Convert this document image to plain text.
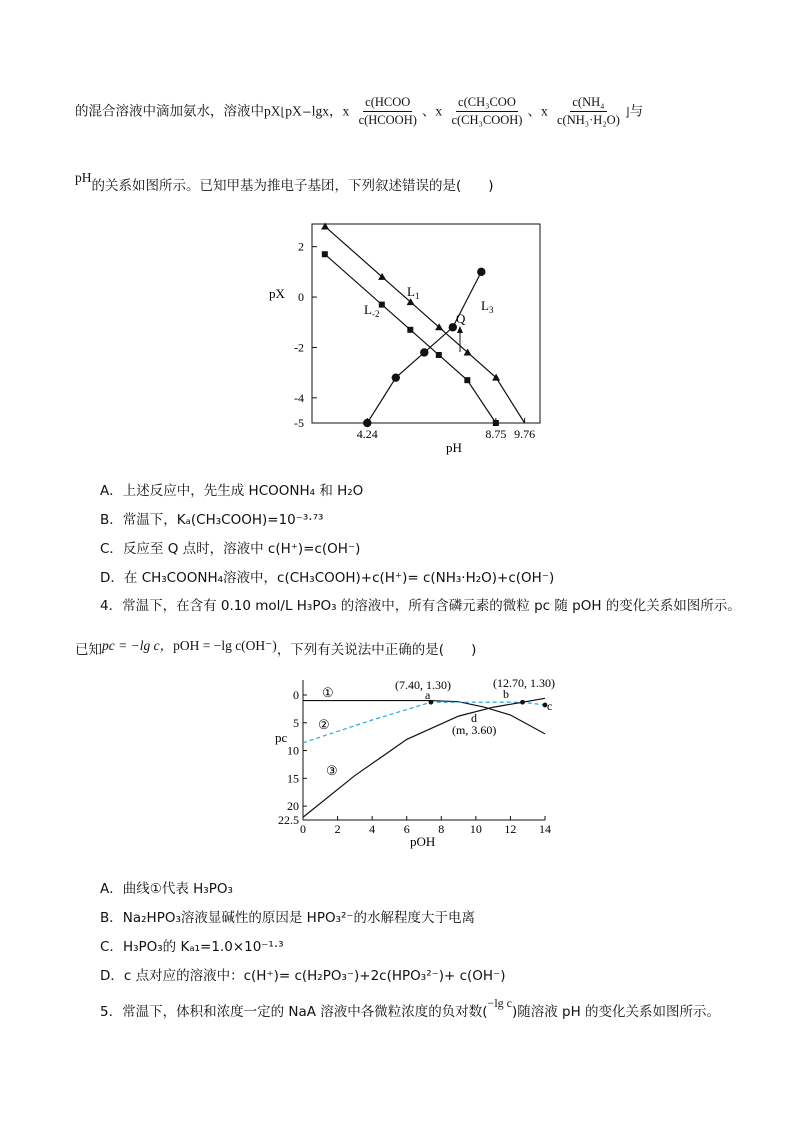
的混合溶液中滴加氨水，溶液中pX⌊pX−lgx，x $\frac{\text{c(HCOO}}{\text{c(HCOOH)}}$ 、x $\frac{\text{c(CH₃COO}}{\text{c(CH₃COOH)}}$ 、x $\frac{\text{c(NH₄}}{\text{c(NH₃·H₂O)}}$ ⌋与
pH的关系如图所示。已知甲基为推电子基团，下列叙述错误的是(　　)
2
0
-2
-4
-5
4.24	8.75 9.76
pX
pH
$L_1$
$L_{-2}$
$L_3$
Q
A．上述反应中，先生成 HCOONH₄ 和 H₂O
B．常温下，Kₐ(CH₃COOH)=10⁻³·⁷³
C．反应至 Q 点时，溶液中 c(H⁺)=c(OH⁻)
D．在 CH₃COONH₄溶液中，c(CH₃COOH)+c(H⁺)= c(NH₃·H₂O)+c(OH⁻)
4．常温下，在含有 0.10 mol/L H₃PO₃ 的溶液中，所有含磷元素的微粒 pc 随 pOH 的变化关系如图所示。
已知pc = −lg c，pOH = −lg c(OH⁻)，下列有关说法中正确的是(　　)
0
5
10
15
20
22.5
0 2 4 6 8 10 12 14
pc
pOH
①
②
③
(7.40, 1.30)
a
(12.70, 1.30)
b
c
d
(m, 3.60)
A．曲线①代表 H₃PO₃
B．Na₂HPO₃溶液显碱性的原因是 HPO₃²⁻的水解程度大于电离
C．H₃PO₃的 Kₐ₁=1.0×10⁻¹·³
D．c 点对应的溶液中：c(H⁺)= c(H₂PO₃⁻)+2c(HPO₃²⁻)+ c(OH⁻)
5．常温下，体积和浓度一定的 NaA 溶液中各微粒浓度的负对数(−lg c)随溶液 pH 的变化关系如图所示。
